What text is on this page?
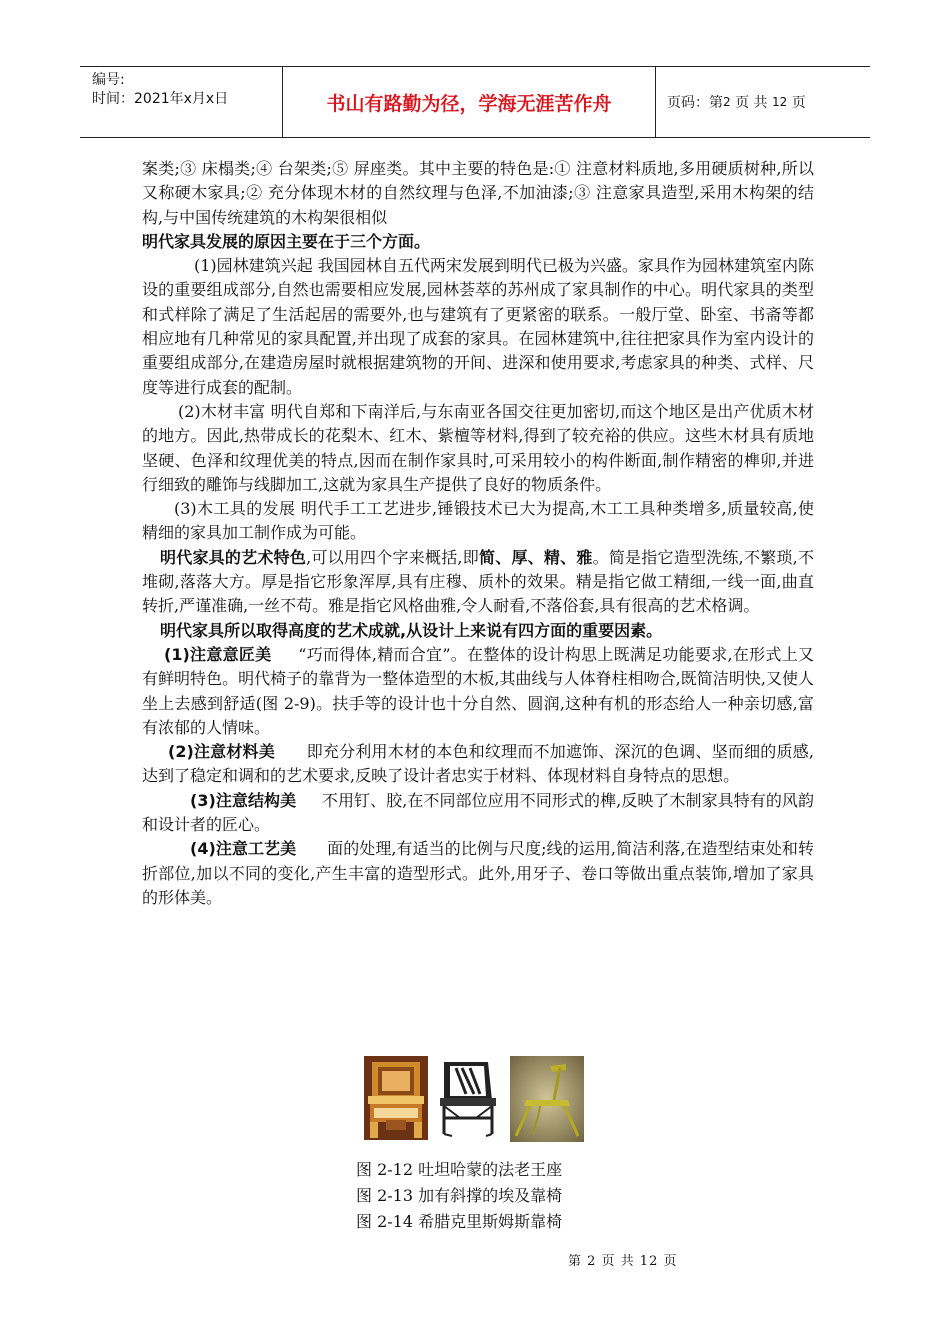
编号:
时间：2021年x月x日	书山有路勤为径，学海无涯苦作舟	页码：第 2
页 共
12
页

案类;③ 床榻类;④ 台架类;⑤ 屏座类。其中主要的特色是:① 注意材料质地,多用硬质树种,所以又称硬木家具;② 充分体现木材的自然纹理与色泽,不加油漆;③ 注意家具造型,采用木构架的结构,与中国传统建筑的木构架很相似

明代家具发展的原因主要在于三个方面。

(1)园林建筑兴起 我国园林自五代两宋发展到明代已极为兴盛。家具作为园林建筑室内陈设的重要组成部分,自然也需要相应发展,园林荟萃的苏州成了家具制作的中心。明代家具的类型和式样除了满足了生活起居的需要外,也与建筑有了更紧密的联系。一般厅堂、卧室、书斋等都相应地有几种常见的家具配置,并出现了成套的家具。在园林建筑中,往往把家具作为室内设计的重要组成部分,在建造房屋时就根据建筑物的开间、进深和使用要求,考虑家具的种类、式样、尺度等进行成套的配制。

(2)木材丰富 明代自郑和下南洋后,与东南亚各国交往更加密切,而这个地区是出产优质木材的地方。因此,热带成长的花梨木、红木、紫檀等材料,得到了较充裕的供应。这些木材具有质地坚硬、色泽和纹理优美的特点,因而在制作家具时,可采用较小的构件断面,制作精密的榫卯,并进行细致的雕饰与线脚加工,这就为家具生产提供了良好的物质条件。

(3)木工具的发展 明代手工工艺进步,锤锻技术已大为提高,木工工具种类增多,质量较高,使精细的家具加工制作成为可能。

明代家具的艺术特色,可以用四个字来概括,即简、厚、精、雅。简是指它造型洗练,不繁琐,不堆砌,落落大方。厚是指它形象浑厚,具有庄穆、质朴的效果。精是指它做工精细,一线一面,曲直转折,严谨准确,一丝不苟。雅是指它风格曲雅,令人耐看,不落俗套,具有很高的艺术格调。

明代家具所以取得高度的艺术成就,从设计上来说有四方面的重要因素。

(1)注意意匠美     “巧而得体,精而合宜”。在整体的设计构思上既满足功能要求,在形式上又有鲜明特色。明代椅子的靠背为一整体造型的木板,其曲线与人体脊柱相吻合,既简洁明快,又使人坐上去感到舒适(图 2-9)。扶手等的设计也十分自然、圆润,这种有机的形态给人一种亲切感,富有浓郁的人情味。

(2)注意材料美      即充分利用木材的本色和纹理而不加遮饰、深沉的色调、坚而细的质感,达到了稳定和调和的艺术要求,反映了设计者忠实于材料、体现材料自身特点的思想。

(3)注意结构美     不用钉、胶,在不同部位应用不同形式的榫,反映了木制家具特有的风韵和设计者的匠心。

(4)注意工艺美      面的处理,有适当的比例与尺度;线的运用,简洁利落,在造型结束处和转折部位,加以不同的变化,产生丰富的造型形式。此外,用牙子、卷口等做出重点装饰,增加了家具的形体美。

图 2-12 吐坦哈蒙的法老王座
图 2-13 加有斜撑的埃及靠椅
图 2-14 希腊克里斯姆斯靠椅
第 2 页 共 12 页
